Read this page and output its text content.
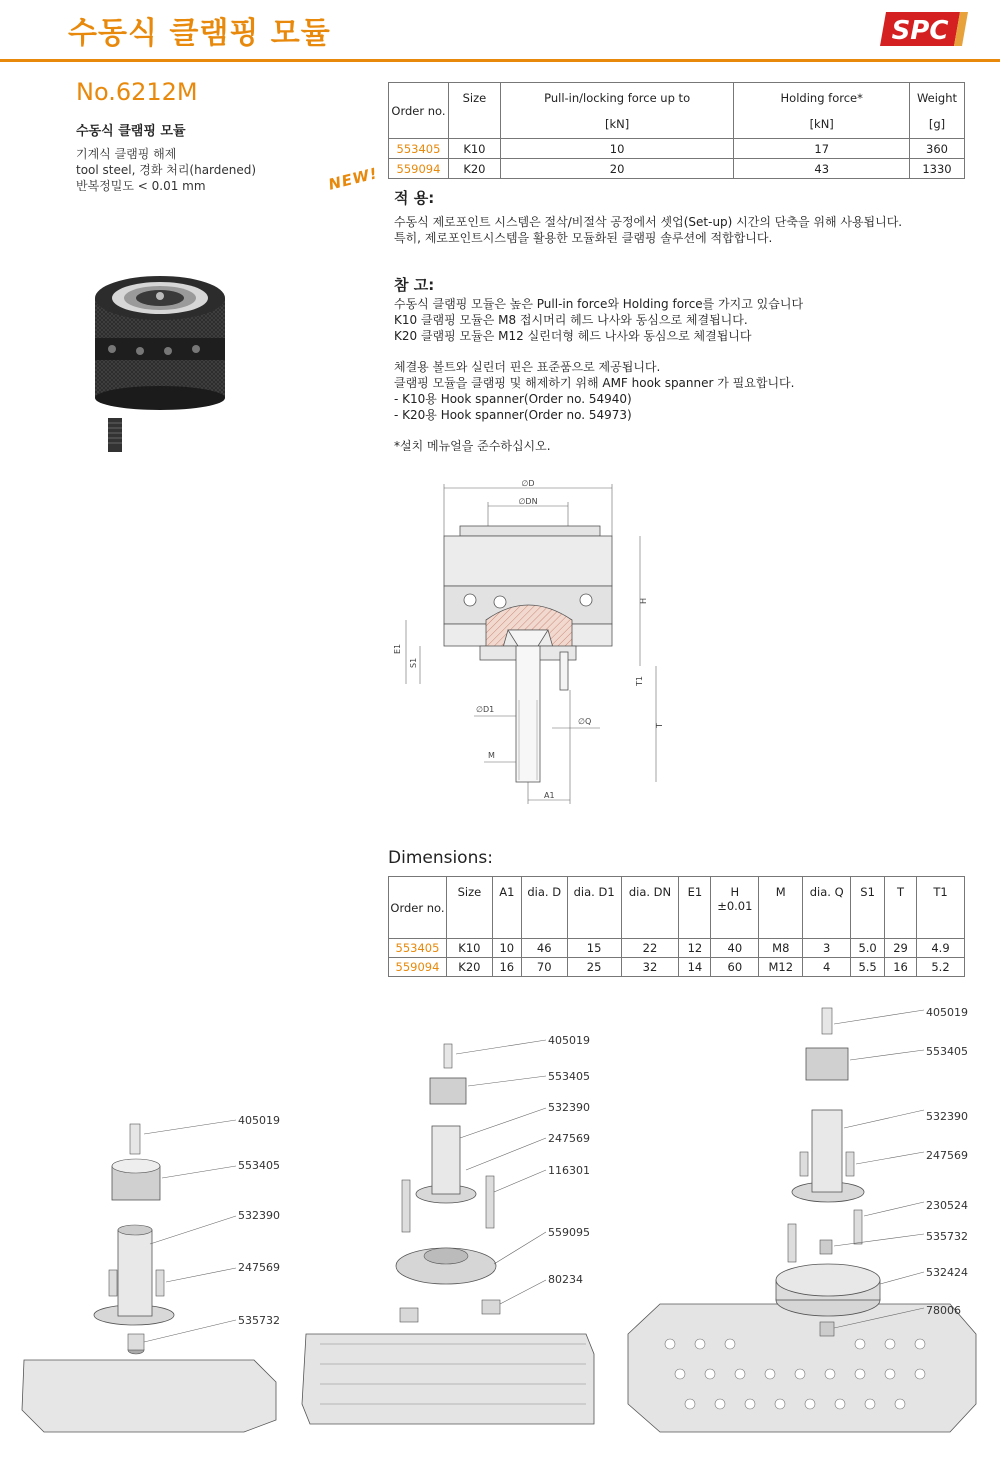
수동식 클램핑 모듈	SPC
No.6212M
수동식 클램핑 모듈
기계식 클램핑 해제
tool steel, 경화 처리(hardened)
반복정밀도 < 0.01 mm	NEW!
Order no.	Size	Pull-in/locking force up to	Holding force*	Weight
		[kN]	[kN]	[g]
553405	K10	10	17	360
559094	K20	20	43	1330
적 용:
수동식 제로포인트 시스템은 절삭/비절삭 공정에서 셋업(Set-up) 시간의 단축을 위해 사용됩니다.
특히, 제로포인트시스템을 활용한 모듈화된 클램핑 솔루션에 적합합니다.
참 고:
수동식 클램핑 모듈은 높은 Pull-in force와 Holding force를 가지고 있습니다
K10 클램핑 모듈은 M8 접시머리 헤드 나사와 동심으로 체결됩니다.
K20 클램핑 모듈은 M12 실린더형 헤드 나사와 동심으로 체결됩니다
체결용 볼트와 실린더 핀은 표준품으로 제공됩니다.
클램핑 모듈을 클램핑 및 해제하기 위해 AMF hook spanner 가 필요합니다.
- K10용 Hook spanner(Order no. 54940)
- K20용 Hook spanner(Order no. 54973)
*설치 메뉴얼을 준수하십시오.
∅D
∅DN
H
T1
T
E1
S1
∅D1
∅Q
M
A1
Dimensions:
Order no.	Size	A1	dia. D	dia. D1	dia. DN	E1	H ±0.01	M	dia. Q	S1	T	T1
553405	K10	10	46	15	22	12	40	M8	3	5.0	29	4.9
559094	K20	16	70	25	32	14	60	M12	4	5.5	16	5.2
405019
553405
532390
247569
535732
405019
553405
532390
247569
116301
559095
80234
405019
553405
532390
247569
230524
535732
532424
78006
